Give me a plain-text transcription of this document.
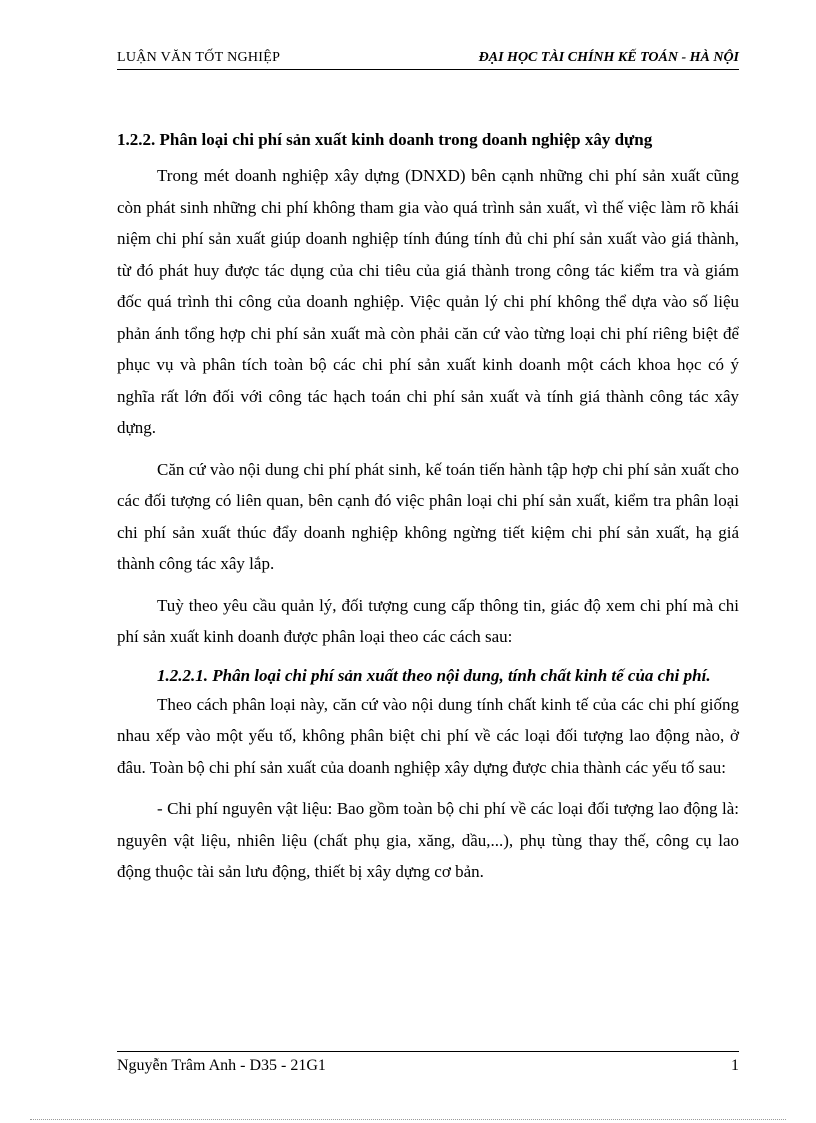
LUẬN VĂN TỐT NGHIỆP	ĐẠI HỌC TÀI CHÍNH KẾ TOÁN - HÀ NỘI

1.2.2. Phân loại chi phí sản xuất kinh doanh trong doanh nghiệp xây dựng

Trong mét doanh nghiệp xây dựng (DNXD) bên cạnh những chi phí sản xuất cũng còn phát sinh những chi phí không tham gia vào quá trình sản xuất, vì thế việc làm rõ khái niệm chi phí sản xuất giúp doanh nghiệp tính đúng tính đủ chi phí sản xuất vào giá thành, từ đó phát huy được tác dụng của chi tiêu của giá thành trong công tác kiểm tra và giám đốc quá trình thi công của doanh nghiệp. Việc quản lý chi phí không thể dựa vào số liệu phản ánh tổng hợp chi phí sản xuất mà còn phải căn cứ vào từng loại chi phí riêng biệt để phục vụ và phân tích toàn bộ các chi phí sản xuất kinh doanh một cách khoa học có ý nghĩa rất lớn đối với công tác hạch toán chi phí sản xuất và tính giá thành công tác xây dựng.

Căn cứ vào nội dung chi phí phát sinh, kế toán tiến hành tập hợp chi phí sản xuất cho các đối tượng có liên quan, bên cạnh đó việc phân loại chi phí sản xuất, kiểm tra phân loại chi phí sản xuất thúc đẩy doanh nghiệp không ngừng tiết kiệm chi phí sản xuất, hạ giá thành công tác xây lắp.

Tuỳ theo yêu cầu quản lý, đối tượng cung cấp thông tin, giác độ xem chi phí mà chi phí sản xuất kinh doanh được phân loại theo các cách sau:

1.2.2.1. Phân loại chi phí sản xuất theo nội dung, tính chất kinh tế của chi phí.

Theo cách phân loại này, căn cứ vào nội dung tính chất kinh tế của các chi phí giống nhau xếp vào một yếu tố, không phân biệt chi phí về các loại đối tượng lao động nào, ở đâu. Toàn bộ chi phí sản xuất của doanh nghiệp xây dựng được chia thành các yếu tố sau:

- Chi phí nguyên vật liệu: Bao gồm toàn bộ chi phí về các loại đối tượng lao động là: nguyên vật liệu, nhiên liệu (chất phụ gia, xăng, dầu,...), phụ tùng thay thế, công cụ lao động thuộc tài sản lưu động, thiết bị xây dựng cơ bản.

Nguyễn Trâm Anh - D35 - 21G1	1
